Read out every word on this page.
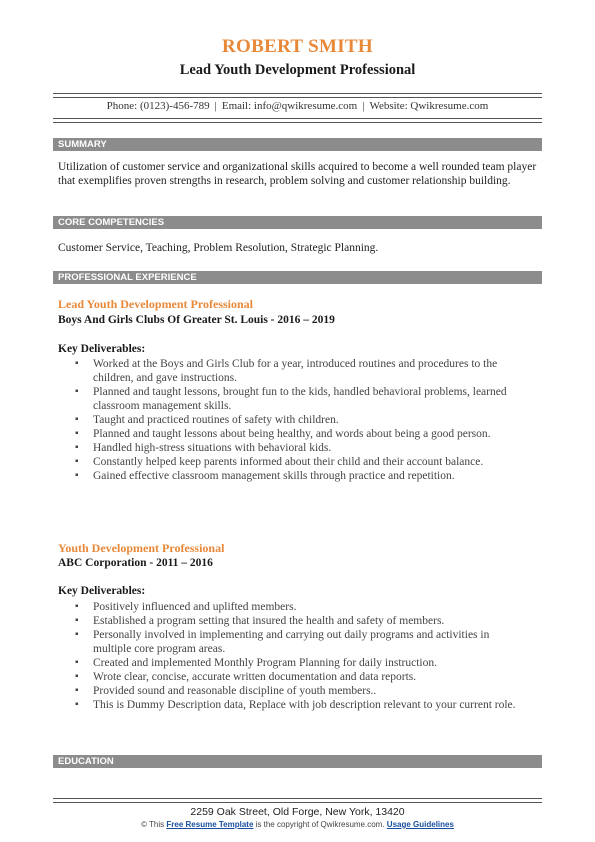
ROBERT SMITH
Lead Youth Development Professional
Phone: (0123)-456-789 | Email: info@qwikresume.com | Website: Qwikresume.com
SUMMARY
Utilization of customer service and organizational skills acquired to become a well rounded team player that exemplifies proven strengths in research, problem solving and customer relationship building.
CORE COMPETENCIES
Customer Service, Teaching, Problem Resolution, Strategic Planning.
PROFESSIONAL EXPERIENCE
Lead Youth Development Professional
Boys And Girls Clubs Of Greater St. Louis - 2016 – 2019
Key Deliverables:
▪ Worked at the Boys and Girls Club for a year, introduced routines and procedures to the children, and gave instructions.
▪ Planned and taught lessons, brought fun to the kids, handled behavioral problems, learned classroom management skills.
▪ Taught and practiced routines of safety with children.
▪ Planned and taught lessons about being healthy, and words about being a good person.
▪ Handled high-stress situations with behavioral kids.
▪ Constantly helped keep parents informed about their child and their account balance.
▪ Gained effective classroom management skills through practice and repetition.
Youth Development Professional
ABC Corporation - 2011 – 2016
Key Deliverables:
▪ Positively influenced and uplifted members.
▪ Established a program setting that insured the health and safety of members.
▪ Personally involved in implementing and carrying out daily programs and activities in multiple core program areas.
▪ Created and implemented Monthly Program Planning for daily instruction.
▪ Wrote clear, concise, accurate written documentation and data reports.
▪ Provided sound and reasonable discipline of youth members..
▪ This is Dummy Description data, Replace with job description relevant to your current role.
EDUCATION
2259 Oak Street, Old Forge, New York, 13420
© This Free Resume Template is the copyright of Qwikresume.com. Usage Guidelines
